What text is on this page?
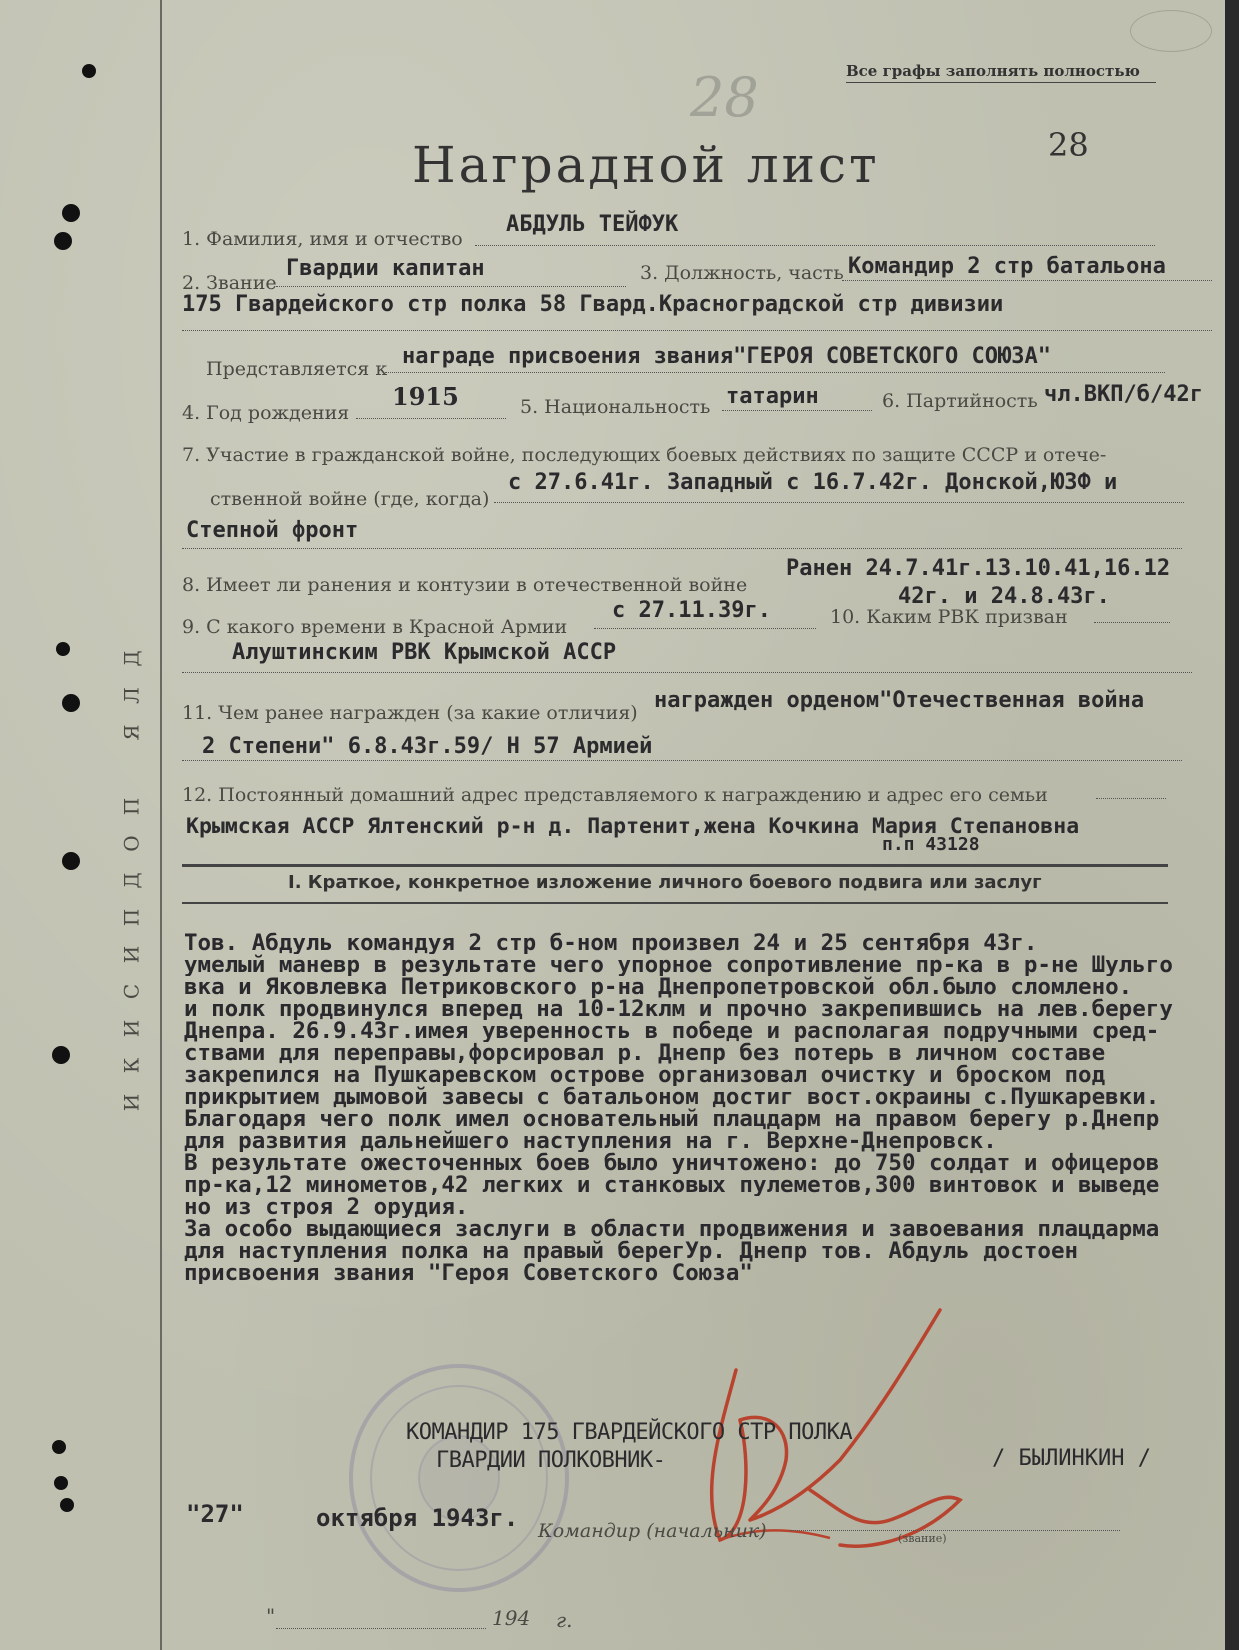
Д
Л
Я
П
О
Д
П
И
С
И
К
И
Все графы заполнять полностью
28
Наградной лист	28
1. Фамилия, имя и отчество
АБДУЛЬ ТЕЙФУК
2. Звание
Гвардии капитан	3. Должность, часть Командир 2 стр батальона
175 Гвардейского стр полка 58 Гвард.Красноградской стр дивизии
Представляется к награде присвоения звания"ГЕРОЯ СОВЕТСКОГО СОЮЗА"
4. Год рождения
1915	5. Национальность татарин	6. Партийность чл.ВКП/б/42г
7. Участие в гражданской войне, последующих боевых действиях по защите СССР и отече-
ственной войне (где, когда)
с 27.6.41г. Западный с 16.7.42г. Донской,ЮЗФ и
Степной фронт
8. Имеет ли ранения и контузии в отечественной войне
Ранен 24.7.41г.13.10.41,16.12
42г. и 24.8.43г.
9. С какого времени в Красной Армии
с 27.11.39г.	10. Каким РВК призван
Алуштинским РВК Крымской АССР
11. Чем ранее награжден (за какие отличия) награжден орденом"Отечественная война
2 Степени" 6.8.43г.59/ Н 57 Армией
12. Постоянный домашний адрес представляемого к награждению и адрес его семьи
Крымская АССР Ялтенский р-н д. Партенит,жена Кочкина Мария Степановна
п.п 43128
I. Краткое, конкретное изложение личного боевого подвига или заслуг
Тов. Абдуль командуя 2 стр б-ном произвел 24 и 25 сентября 43г.
умелый маневр в результате чего упорное сопротивление пр-ка в р-не Шульго
вка и Яковлевка Петриковского р-на Днепропетровской обл.было сломлено.
и полк продвинулся вперед на 10-12клм и прочно закрепившись на лев.берегу
Днепра. 26.9.43г.имея уверенность в победе и располагая подручными сред-
ствами для переправы,форсировал р. Днепр без потерь в личном составе
закрепился на Пушкаревском острове организовал очистку и броском под
прикрытием дымовой завесы с батальоном достиг вост.окраины с.Пушкаревки.
Благодаря чего полк имел основательный плацдарм на правом берегу р.Днепр
для развития дальнейшего наступления на г. Верхне-Днепровск.
В результате ожесточенных боев было уничтожено: до 750 солдат и офицеров
пр-ка,12 минометов,42 легких и станковых пулеметов,300 винтовок и выведе
но из строя 2 орудия.
За особо выдающиеся заслуги в области продвижения и завоевания плацдарма
для наступления полка на правый берегУр. Днепр тов. Абдуль достоен
присвоения звания "Героя Советского Союза"
КОМАНДИР 175 ГВАРДЕЙСКОГО СТР ПОЛКА
ГВАРДИИ ПОЛКОВНИК-	/ БЫЛИНКИН /
"27"	октября 1943г. Командир (начальник)	(звание)
"	194 г.
